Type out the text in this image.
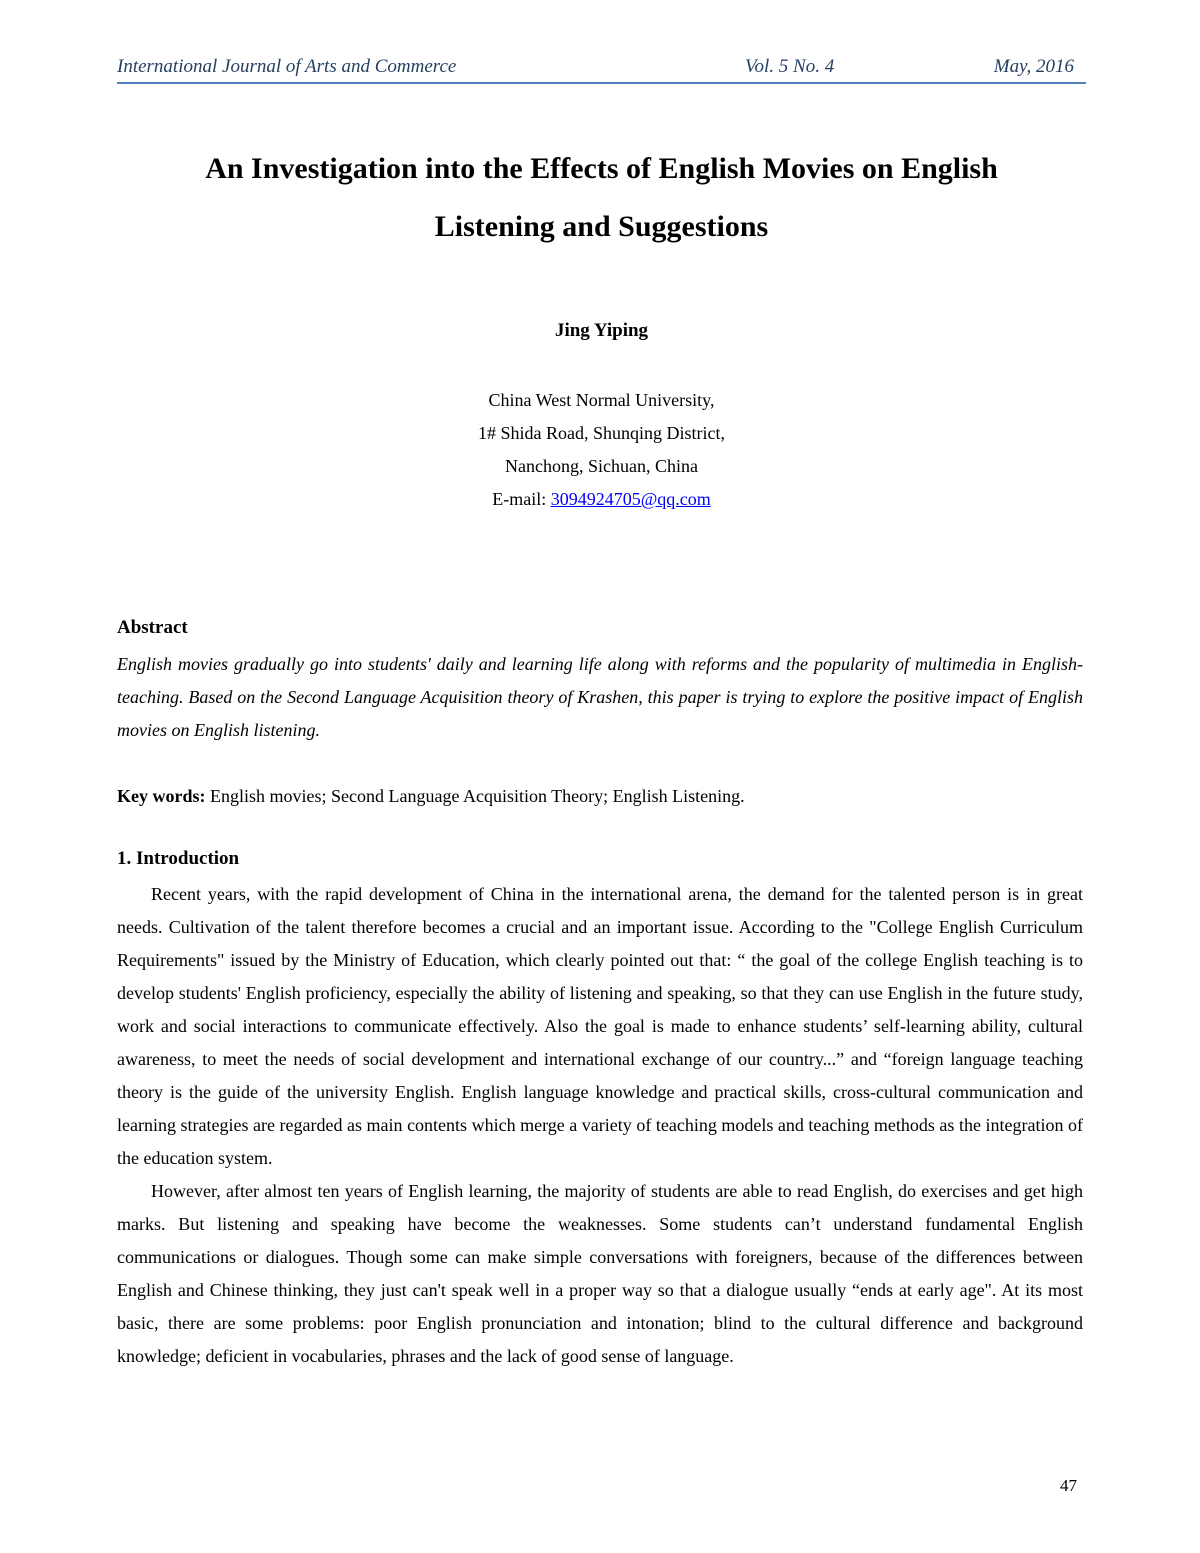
International Journal of Arts and Commerce	Vol. 5 No. 4	May, 2016
An Investigation into the Effects of English Movies on English
Listening and Suggestions
Jing Yiping
China West Normal University,
1# Shida Road, Shunqing District,
Nanchong, Sichuan, China
E-mail: 3094924705@qq.com
Abstract

English movies gradually go into students' daily and learning life along with reforms and the popularity of multimedia in English-teaching. Based on the Second Language Acquisition theory of Krashen, this paper is trying to explore the positive impact of English movies on English listening.

Key words: English movies; Second Language Acquisition Theory; English Listening.

1. Introduction

Recent years, with the rapid development of China in the international arena, the demand for the talented person is in great needs. Cultivation of the talent therefore becomes a crucial and an important issue. According to the "College English Curriculum Requirements" issued by the Ministry of Education, which clearly pointed out that: “ the goal of the college English teaching is to develop students' English proficiency, especially the ability of listening and speaking, so that they can use English in the future study, work and social interactions to communicate effectively. Also the goal is made to enhance students’ self-learning ability, cultural awareness, to meet the needs of social development and international exchange of our country...” and “foreign language teaching theory is the guide of the university English. English language knowledge and practical skills, cross-cultural communication and learning strategies are regarded as main contents which merge a variety of teaching models and teaching methods as the integration of the education system.

However, after almost ten years of English learning, the majority of students are able to read English, do exercises and get high marks. But listening and speaking have become the weaknesses. Some students can’t understand fundamental English communications or dialogues. Though some can make simple conversations with foreigners, because of the differences between English and Chinese thinking, they just can't speak well in a proper way so that a dialogue usually “ends at early age". At its most basic, there are some problems: poor English pronunciation and intonation; blind to the cultural difference and background knowledge; deficient in vocabularies, phrases and the lack of good sense of language.

47
